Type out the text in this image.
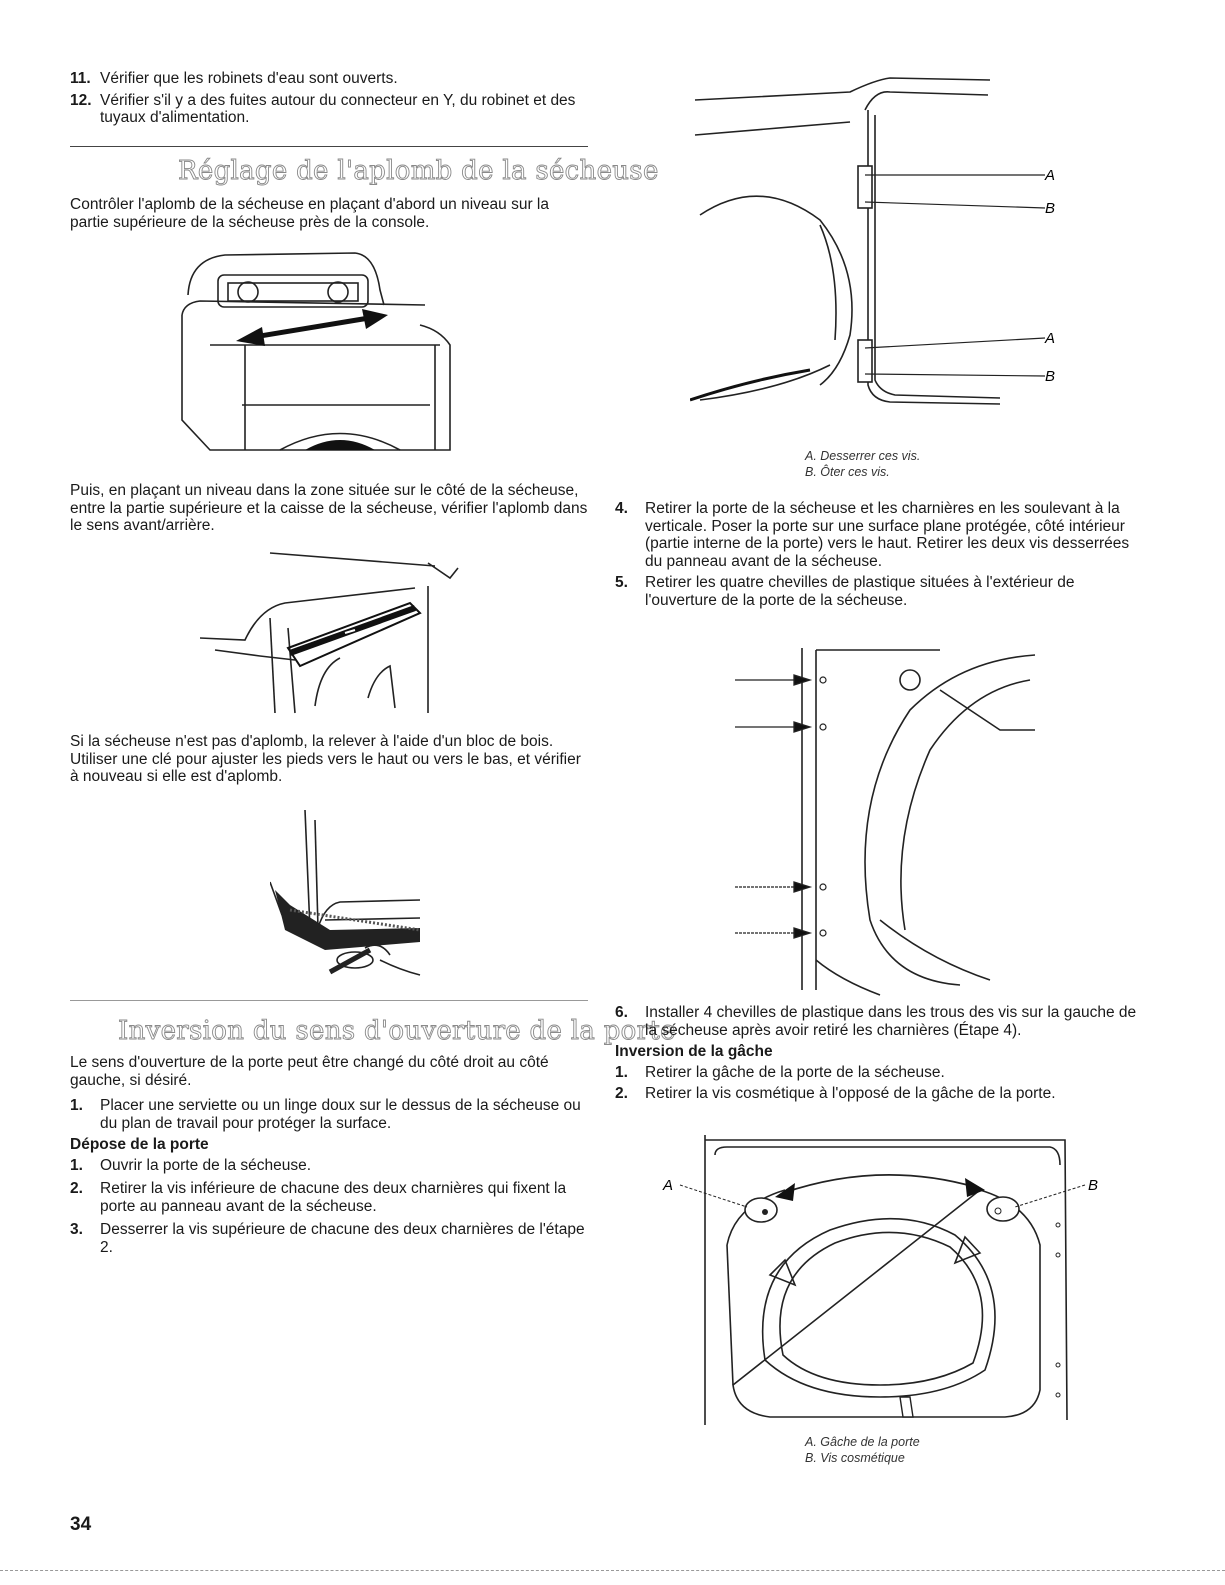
11. Vérifier que les robinets d'eau sont ouverts.

12. Vérifier s'il y a des fuites autour du connecteur en Y, du robinet et des tuyaux d'alimentation.

Réglage de l'aplomb de la sécheuse

Contrôler l'aplomb de la sécheuse en plaçant d'abord un niveau sur la partie supérieure de la sécheuse près de la console.

Puis, en plaçant un niveau dans la zone située sur le côté de la sécheuse, entre la partie supérieure et la caisse de la sécheuse, vérifier l'aplomb dans le sens avant/arrière.

Si la sécheuse n'est pas d'aplomb, la relever à l'aide d'un bloc de bois. Utiliser une clé pour ajuster les pieds vers le haut ou vers le bas, et vérifier à nouveau si elle est d'aplomb.

Inversion du sens d'ouverture de la porte

Le sens d'ouverture de la porte peut être changé du côté droit au côté gauche, si désiré.

1. Placer une serviette ou un linge doux sur le dessus de la sécheuse ou du plan de travail pour protéger la surface.

Dépose de la porte
1. Ouvrir la porte de la sécheuse.

2. Retirer la vis inférieure de chacune des deux charnières qui fixent la porte au panneau avant de la sécheuse.

3. Desserrer la vis supérieure de chacune des deux charnières de l'étape 2.

A
B
A
B
A. Desserrer ces vis.
B. Ôter ces vis.
4. Retirer la porte de la sécheuse et les charnières en les soulevant à la verticale. Poser la porte sur une surface plane protégée, côté intérieur (partie interne de la porte) vers le haut. Retirer les deux vis desserrées du panneau avant de la sécheuse.

5. Retirer les quatre chevilles de plastique situées à l'extérieur de l'ouverture de la porte de la sécheuse.

6. Installer 4 chevilles de plastique dans les trous des vis sur la gauche de la sécheuse après avoir retiré les charnières (Étape 4).

Inversion de la gâche
1. Retirer la gâche de la porte de la sécheuse.

2. Retirer la vis cosmétique à l'opposé de la gâche de la porte.

A	B
A. Gâche de la porte
B. Vis cosmétique
34
